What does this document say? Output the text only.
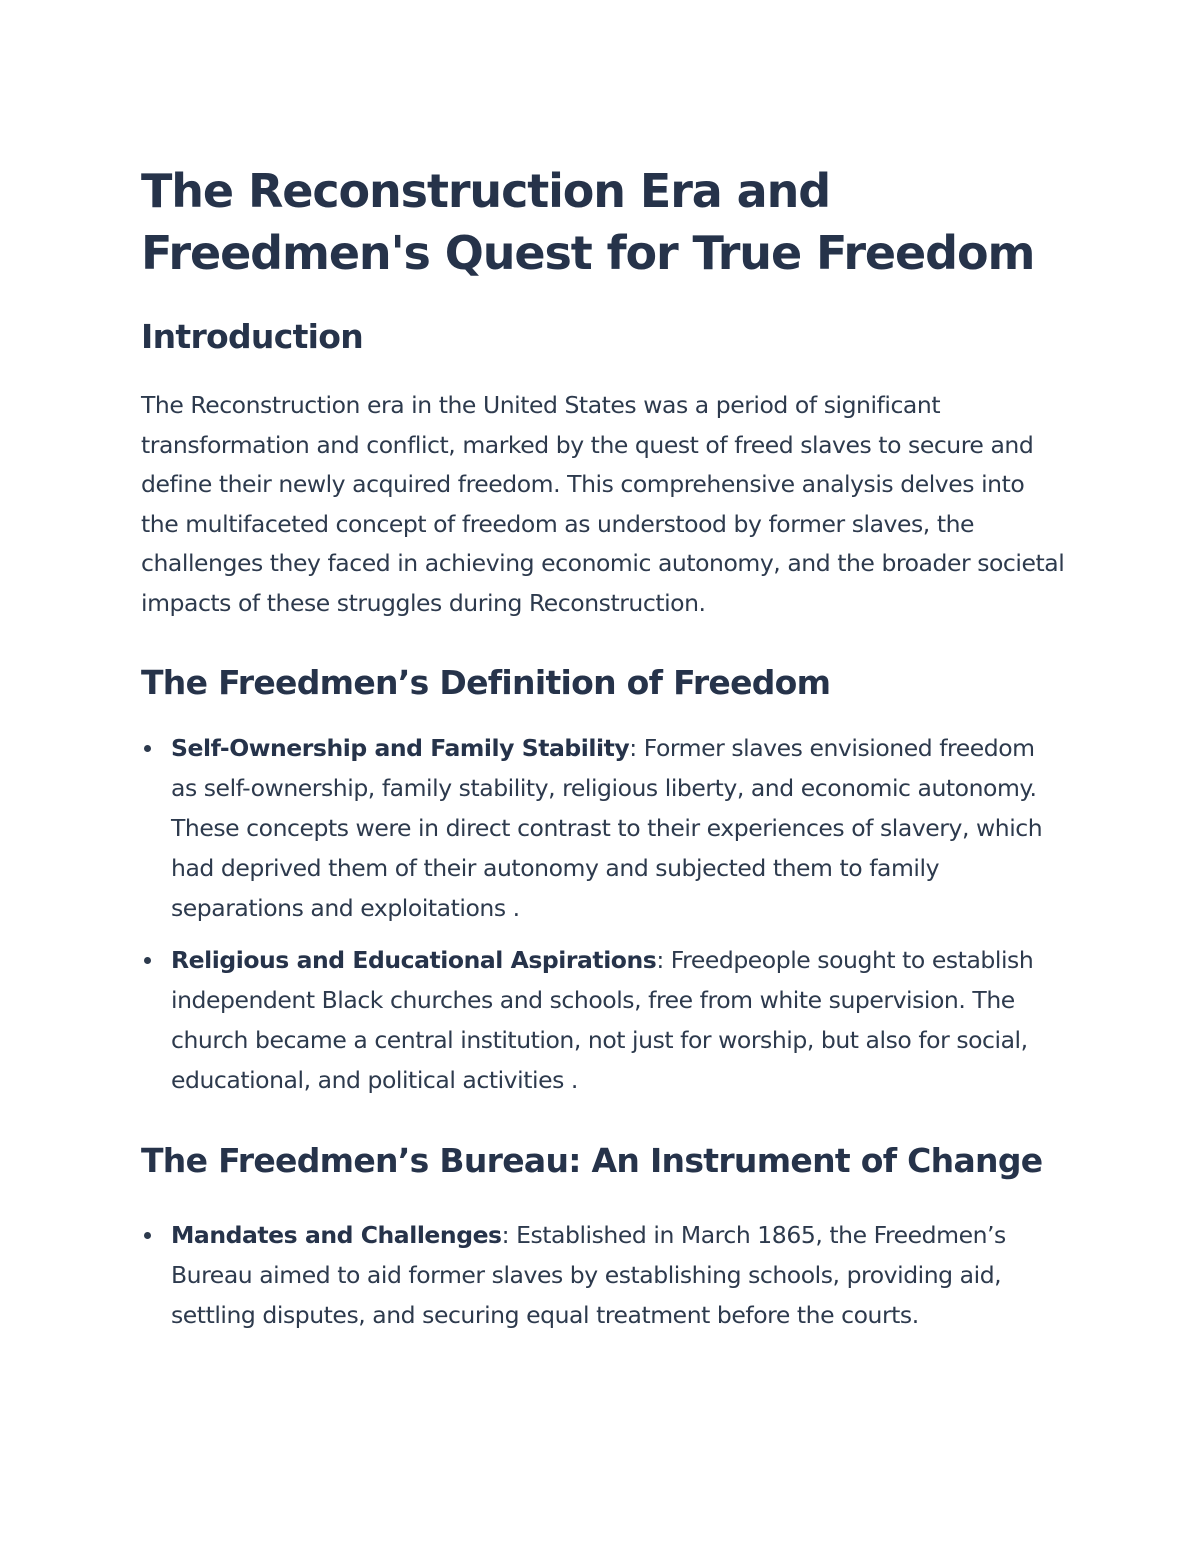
The Reconstruction Era and Freedmen's Quest for True Freedom
Introduction

The Reconstruction era in the United States was a period of significant transformation and conflict, marked by the quest of freed slaves to secure and define their newly acquired freedom. This comprehensive analysis delves into the multifaceted concept of freedom as understood by former slaves, the challenges they faced in achieving economic autonomy, and the broader societal impacts of these struggles during Reconstruction.

The Freedmen’s Definition of Freedom
Self-Ownership and Family Stability: Former slaves envisioned freedom as self-ownership, family stability, religious liberty, and economic autonomy. These concepts were in direct contrast to their experiences of slavery, which had deprived them of their autonomy and subjected them to family separations and exploitations .
Religious and Educational Aspirations: Freedpeople sought to establish independent Black churches and schools, free from white supervision. The church became a central institution, not just for worship, but also for social, educational, and political activities .
The Freedmen’s Bureau: An Instrument of Change
Mandates and Challenges: Established in March 1865, the Freedmen’s Bureau aimed to aid former slaves by establishing schools, providing aid, settling disputes, and securing equal treatment before the courts.
